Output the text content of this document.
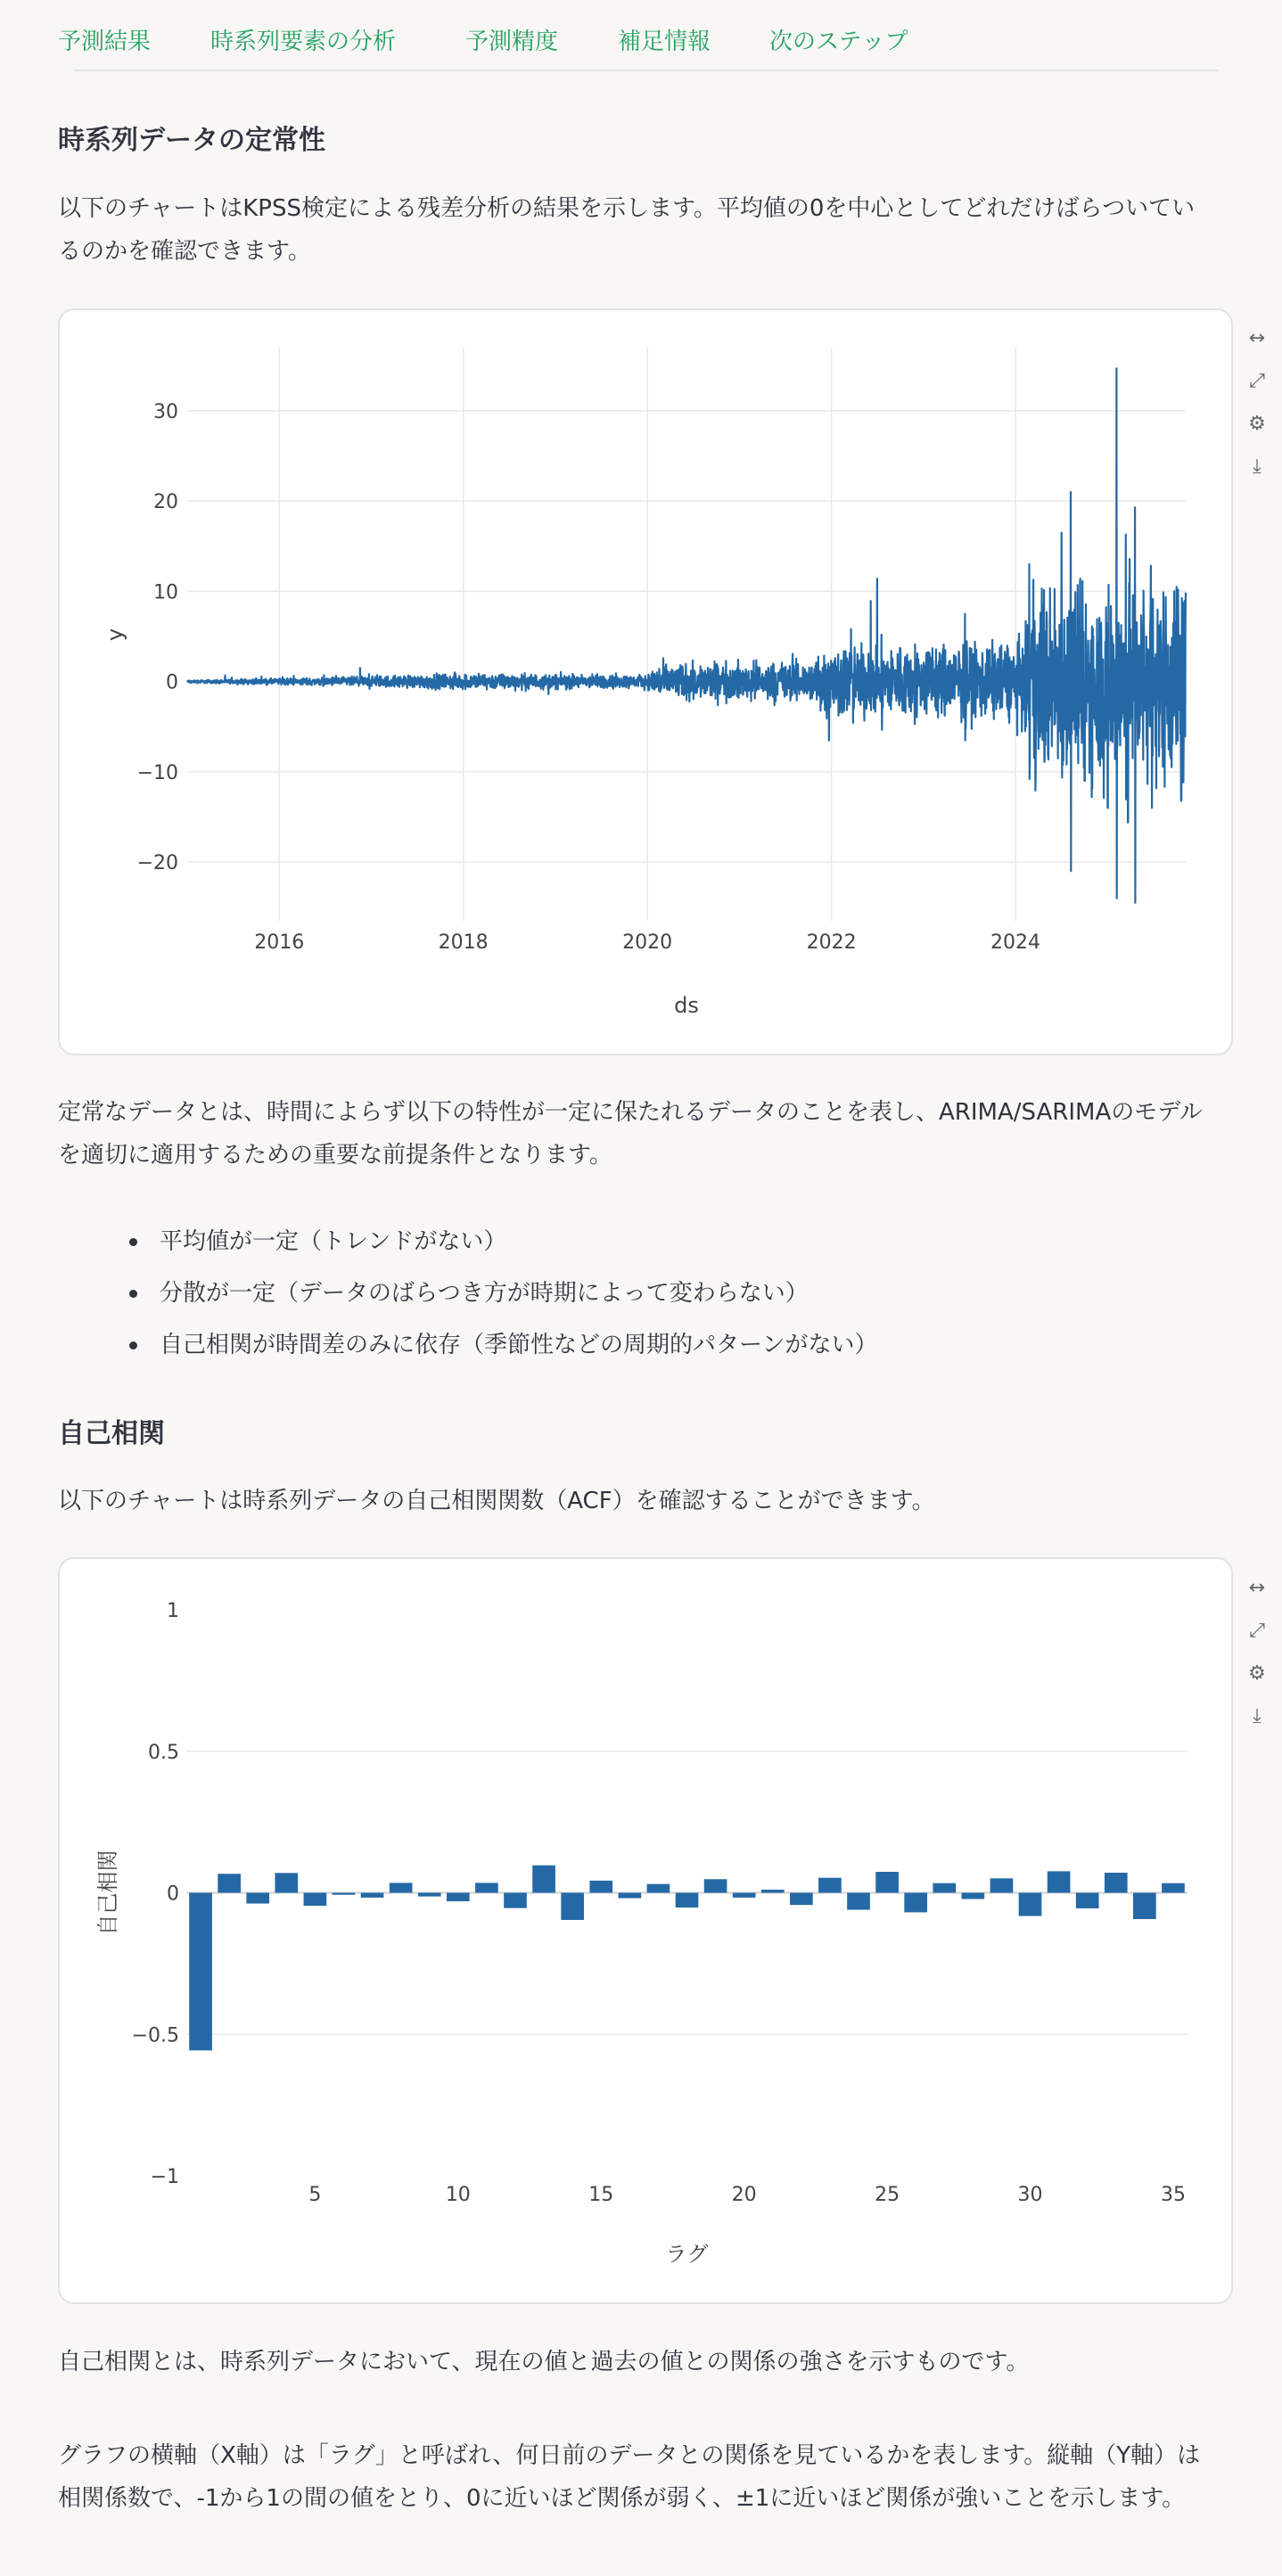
予測結果	時系列要素の分析	予測精度	補足情報	次のステップ
時系列データの定常性

以下のチャートはKPSS検定による残差分析の結果を示します。平均値の0を中心としてどれだけばらついているのかを確認できます。

2016	2018	2020	2022	2024
−20
−10
0
10
20
30
ds
y
↔
⤢
⚙
⤓

定常なデータとは、時間によらず以下の特性が一定に保たれるデータのことを表し、ARIMA/SARIMAのモデルを適切に適用するための重要な前提条件となります。

平均値が一定（トレンドがない）
分散が一定（データのばらつき方が時期によって変わらない）
自己相関が時間差のみに依存（季節性などの周期的パターンがない）
自己相関

以下のチャートは時系列データの自己相関関数（ACF）を確認することができます。

−1
−0.5
0
0.5
1
5	10	15	20	25	30	35
ラグ
自己相関
↔
⤢
⚙
⤓

自己相関とは、時系列データにおいて、現在の値と過去の値との関係の強さを示すものです。

グラフの横軸（X軸）は「ラグ」と呼ばれ、何日前のデータとの関係を見ているかを表します。縦軸（Y軸）は相関係数で、-1から1の間の値をとり、0に近いほど関係が弱く、±1に近いほど関係が強いことを示します。
